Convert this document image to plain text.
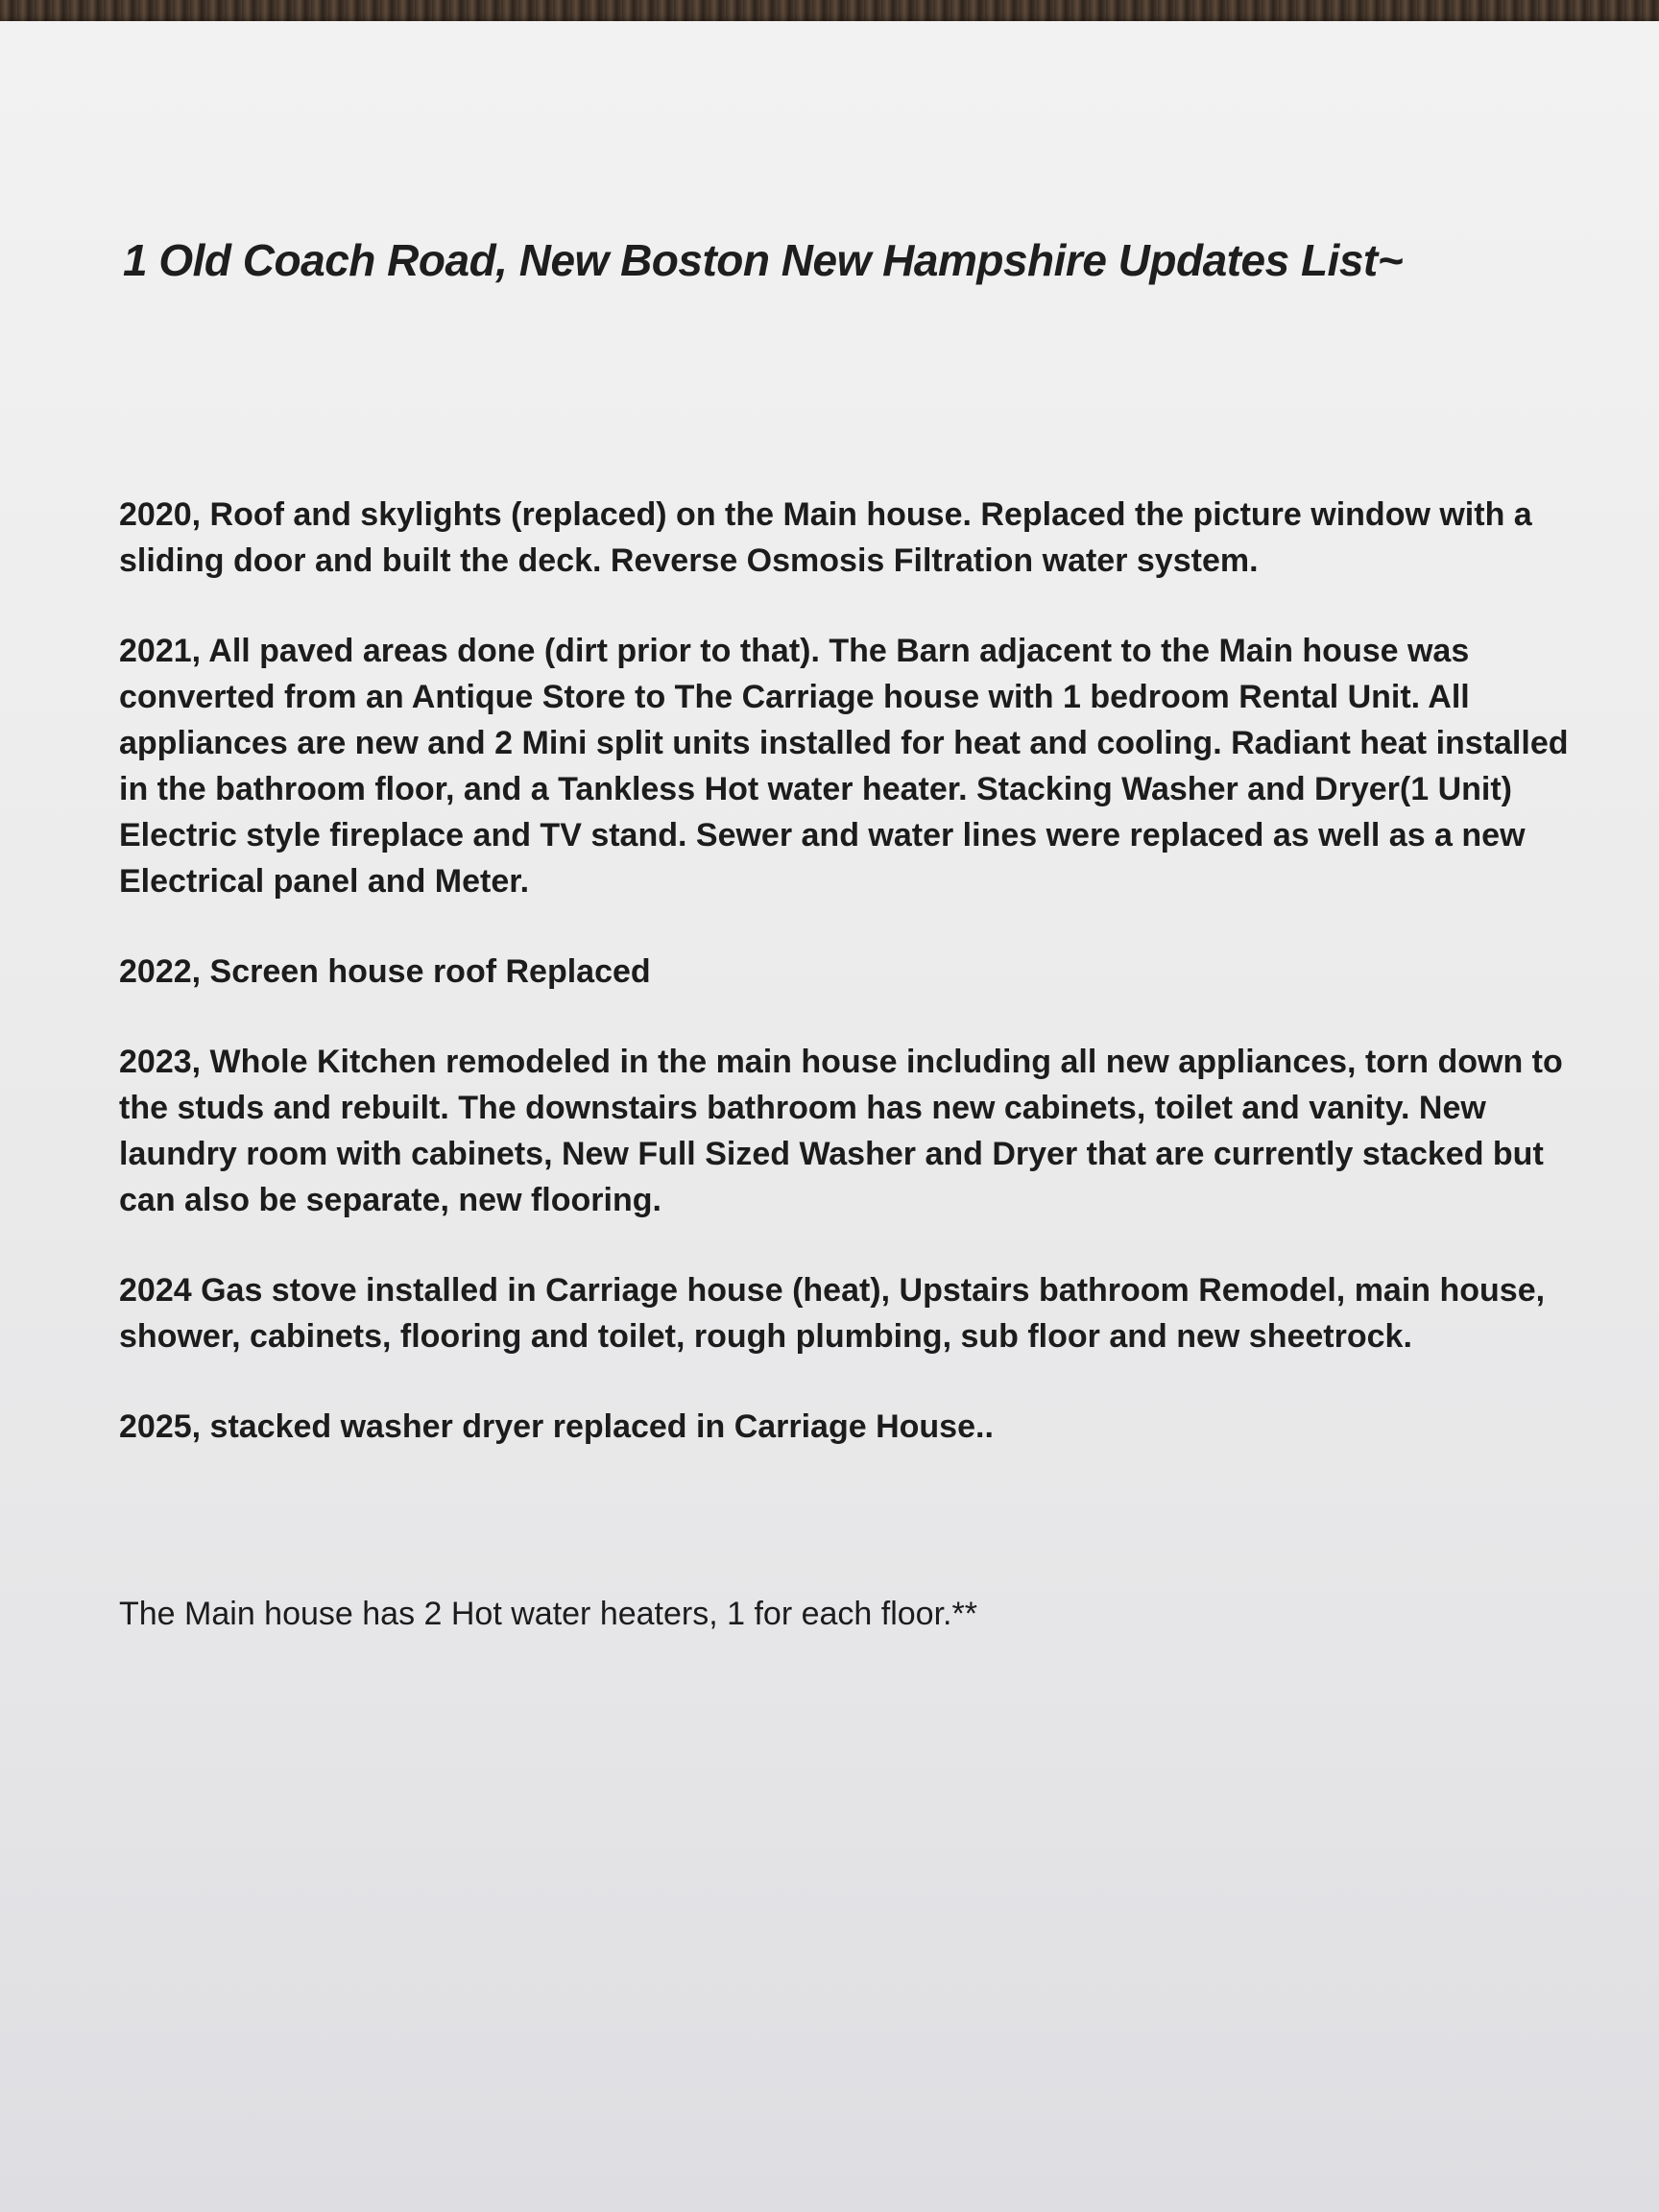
1 Old Coach Road, New Boston New Hampshire Updates List~

2020, Roof and skylights (replaced) on the Main house. Replaced the picture window with a sliding door and built the deck. Reverse Osmosis Filtration water system.

2021, All paved areas done (dirt prior to that). The Barn adjacent to the Main house was converted from an Antique Store to The Carriage house with 1 bedroom Rental Unit. All appliances are new and 2 Mini split units installed for heat and cooling. Radiant heat installed in the bathroom floor, and a Tankless Hot water heater. Stacking Washer and Dryer(1 Unit) Electric style fireplace and TV stand. Sewer and water lines were replaced as well as a new Electrical panel and Meter.

2022, Screen house roof Replaced

2023, Whole Kitchen remodeled in the main house including all new appliances, torn down to the studs and rebuilt. The downstairs bathroom has new cabinets, toilet and vanity. New laundry room with cabinets, New Full Sized Washer and Dryer that are currently stacked but can also be separate, new flooring.

2024 Gas stove installed in Carriage house (heat), Upstairs bathroom Remodel, main house, shower, cabinets, flooring and toilet, rough plumbing, sub floor and new sheetrock.

2025, stacked washer dryer replaced in Carriage House..

The Main house has 2 Hot water heaters, 1 for each floor.**
